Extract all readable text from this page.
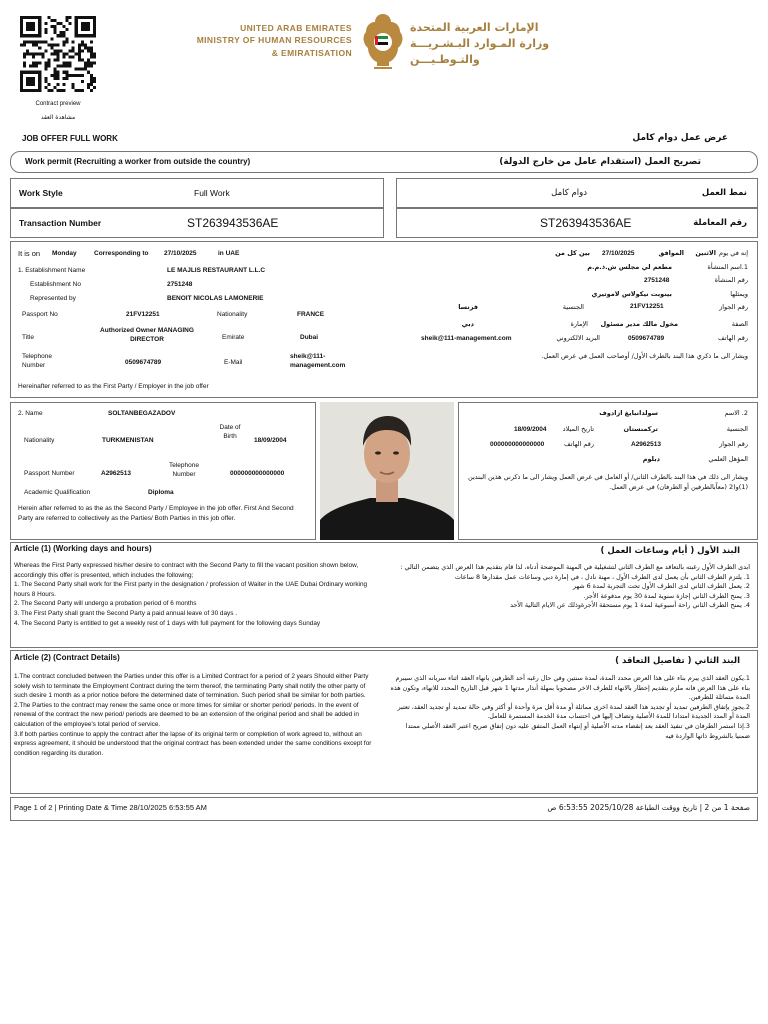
Contract preview
مشاهدة العقد
UNITED ARAB EMIRATES
MINISTRY OF HUMAN RESOURCES
& EMIRATISATION
الإمارات العربية المتحدة
وزارة المـوارد البـشـريـــة
والتـوطـيـــن
JOB OFFER FULL WORK	عرض عمل دوام كامل
Work permit (Recruiting a worker from outside the country)	تصريح العمل (استقدام عامل من خارج الدولة)
Work Style	Full Work	نمط العمل
دوام كامل
Transaction Number	ST263943536AE	رقم المعاملة
ST263943536AE
It is on Monday	Corresponding to 27/10/2025	in UAE
1. Establishment Name	LE MAJLIS RESTAURANT L.L.C
Establishment No	2751248
Represented by	BENOIT NICOLAS LAMONERIE
Passport No	21FV12251	Nationality	FRANCE
Title
Authorized Owner MANAGING DIRECTOR	Emirate	Dubai
Telephone Number	0509674789	E-Mail
sheik@111-management.com
Hereinafter referred to as the First Party / Employer in the job offer
إنه في يوم
الاثنين
الموافق
27/10/2025
بين كل من
1.اسم المنشأة
مطعم لي مجلس ش.ذ.م.م
رقم المنشأة
2751248
ويمثلها
بينوبت نيكولاس لاموتيري
رقم الجواز
21FV12251
الجنسية
فرنسا
الصفة
مخول مالك مدير مسئول
الإمارة
دبي
رقم الهاتف
0509674789
البريد الالكتروني
sheik@111-management.com
ويشار الى ما ذكري هذا البند بالطرف الأول/ أوصاحب العمل في عرض العمل.
2. Name	SOLTANBEGAZADOV
Nationality	TURKMENISTAN
Date of Birth
18/09/2004
Passport Number	A2962513
Telephone Number	000000000000000
Academic Qualification	Diploma
Herein after referred to as the as the Second Party / Employee in the job offer. First And Second Party are referred to collectively as the Parties/ Both Parties in this job offer.
2. الاسم
سولدانبايغ ازادوف
الجنسية
تركمنستان
تاريخ الميلاد
18/09/2004
رقم الجواز
A2962513
رقم الهاتف
000000000000000
المؤهل العلمي
دبلوم
ويشار الى ذلك في هذا البند بالطرف الثاني/ أو العامل في عرض العمل ويشار الى ما ذكرني هذين البندين (1)و(2 (معاًبالطرفين أو الطرفان) في عرض العمل.
Article (1) (Working days and hours)	البند الأول ( أيام وساعات العمل )

Whereas the First Party expressed his/her desire to contract with the Second Party to fill the vacant position shown below, accordingly this offer is presented, which includes the following;

1. The Second Party shall work for the First party in the designation / profession of Waiter in the UAE Dubai Ordinary working hours 8 Hours.

2. The Second Party will undergo a probation period of 6 months

3. The First Party shall grant the Second Party a paid annual leave of 30 days .

4. The Second Party is entitled to get a weekly rest of 1 days with full payment for the following days Sunday

ابدى الطرف الأول رغبته بالتعاقد مع الطرف الثاني لتشغيلية في المهنة الموضحة أدناه، لذا قام بتقديم هذا العرض الذي يتضمن التالي :

1. يلتزم الطرف الثاني بأن يعمل لدى الطرف الأول ، مهنة نادل ، في إمارة دبي وساعات عمل مقدارها 8 ساعات

2. يعمل الطرف الثاني لدى الطرف الأول تحت التجربة لمدة 6 شهر

3. يمنح الطرف الثاني إجازة سنوية لمدة 30 يوم مدفوعة الأجر.

4. يمنح الطرف الثاني راحة أسبوعية لمدة 1 يوم مستحقة الأجرةوذلك عن الايام التالية الأحد

Article (2) (Contract Details)	البند الثاني ( تفاصيل التعاقد )

1.The contract concluded between the Parties under this offer is a Limited Contract for a period of 2 years Should either Party solely wish to terminate the Employment Contract during the term thereof, the terminating Party shall notify the other party of such desire 1 month as a prior notice before the determined date of termination. Such period shall be similar for both parties.

2.The Parties to the contract may renew the same once or more times for similar or shorter period/ periods. In the event of renewal of the contract the new period/ periods are deemed to be an extension of the original period and shall be added in calculation of the employee's total period of service.

3.If both parties continue to apply the contract after the lapse of its original term or completion of work agreed to, without an express agreement, it should be understood that the original contract has been extended under the same conditions except for condition regarding its duration.

1.يكون العقد الذي يبرم بناء على هذا العرض محدد المدة، لمدة سنتين وفي حال رغبه أحد الطرفين بانهاء العقد اثناء سريانه الذي سيبرم بناء على هذا العرض فانه ملزم بتقديم إخطار بالانهاء للطرف الاخر مصحوبا بمهلة أنذار مدتها 1 شهر قبل التاريخ المحدد للانهاء، وتكون هذه المدة متماثلة للطرفين.

2.يجوز بإتفاق الطرفين تمديد أو تجديد هذا العقد لمدة اخرى مماثلة أو مدة أقل مرة وأحدة أو أكثر وفي حالة تمديد أو تجديد العقد، تعتبر المدة أو المدد الجديدة امتدادا للمدة الأصلية وتضاف إليها في احتساب مدة الخدمة المستمرة للعامل.

3.إذا استمر الطرفان في تنفيذ العقد بعد إنقضاء مدته الأصلية أو إنتهاء العمل المتفق عليه دون إتفاق صريح اعتبر العقد الأصلي ممتدا ضمنيا بالشروط ذاتها الواردة فيه

Page 1 of 2 | Printing Date & Time 28/10/2025 6:53:55 AM	صفحة 1 من 2 | تاريخ ووقت الطباعة 2025/10/28 6:53:55 ص
